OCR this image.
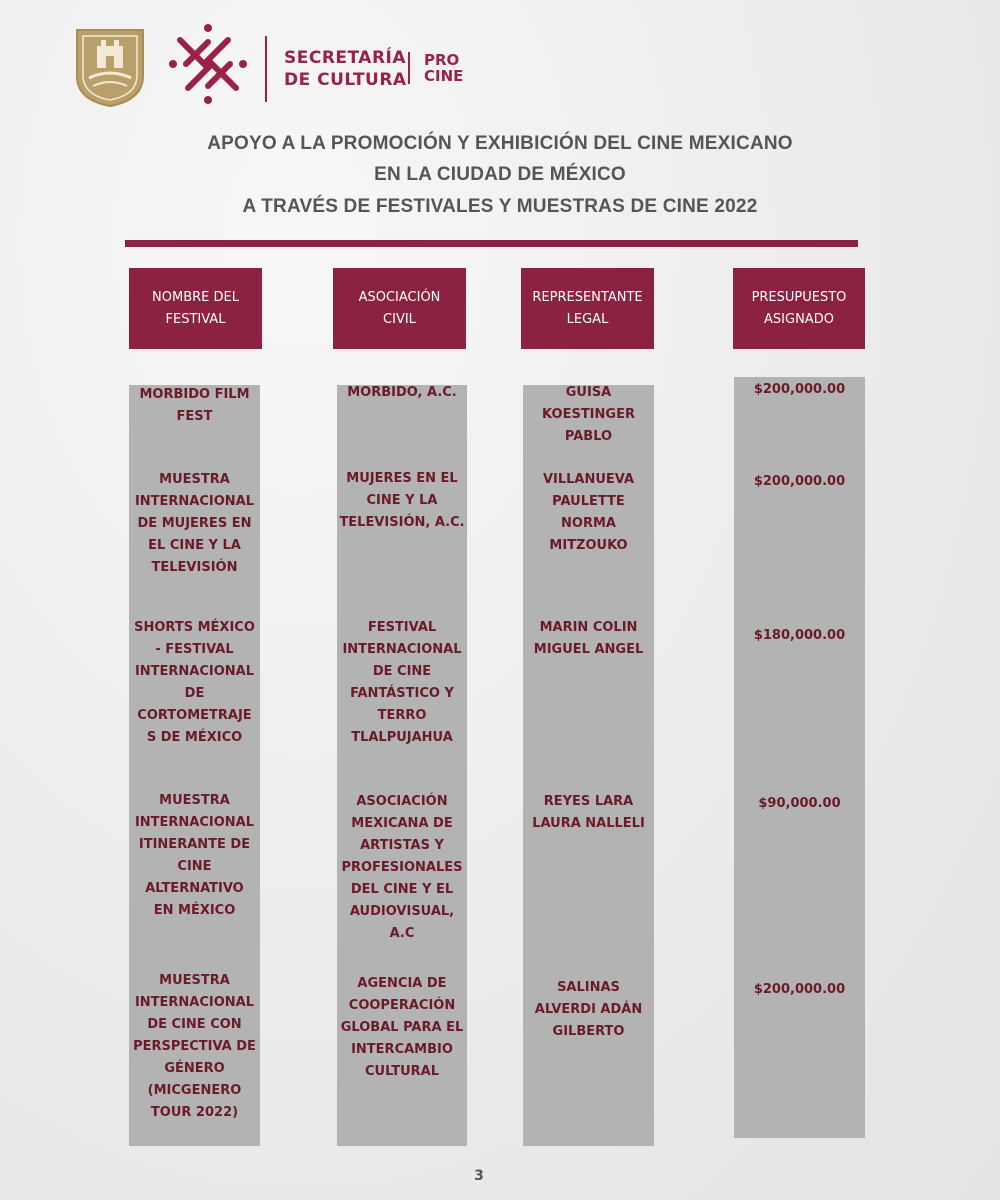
SECRETARÍA
DE CULTURA
PRO
CINE
APOYO A LA PROMOCIÓN Y EXHIBICIÓN DEL CINE MEXICANO
EN LA CIUDAD DE MÉXICO
A TRAVÉS DE FESTIVALES Y MUESTRAS DE CINE 2022
NOMBRE DEL
FESTIVAL
ASOCIACIÓN
CIVIL
REPRESENTANTE
LEGAL
PRESUPUESTO
ASIGNADO
MORBIDO FILM
FEST
MORBIDO, A.C.	GUISA
KOESTINGER
PABLO
$200,000.00
MUESTRA
INTERNACIONAL
DE MUJERES EN
EL CINE Y LA
TELEVISIÓN
MUJERES EN EL
CINE Y LA
TELEVISIÓN, A.C.
VILLANUEVA
PAULETTE
NORMA
MITZOUKO
$200,000.00
SHORTS MÉXICO
- FESTIVAL
INTERNACIONAL
DE
CORTOMETRAJE
S DE MÉXICO
FESTIVAL
INTERNACIONAL
DE CINE
FANTÁSTICO Y
TERRO
TLALPUJAHUA
MARIN COLIN
MIGUEL ANGEL
$180,000.00
MUESTRA
INTERNACIONAL
ITINERANTE DE
CINE
ALTERNATIVO
EN MÉXICO
ASOCIACIÓN
MEXICANA DE
ARTISTAS Y
PROFESIONALES
DEL CINE Y EL
AUDIOVISUAL,
A.C
REYES LARA
LAURA NALLELI
$90,000.00
MUESTRA
INTERNACIONAL
DE CINE CON
PERSPECTIVA DE
GÉNERO
(MICGENERO
TOUR 2022)
AGENCIA DE
COOPERACIÓN
GLOBAL PARA EL
INTERCAMBIO
CULTURAL
SALINAS
ALVERDI ADÁN
GILBERTO
$200,000.00
3
